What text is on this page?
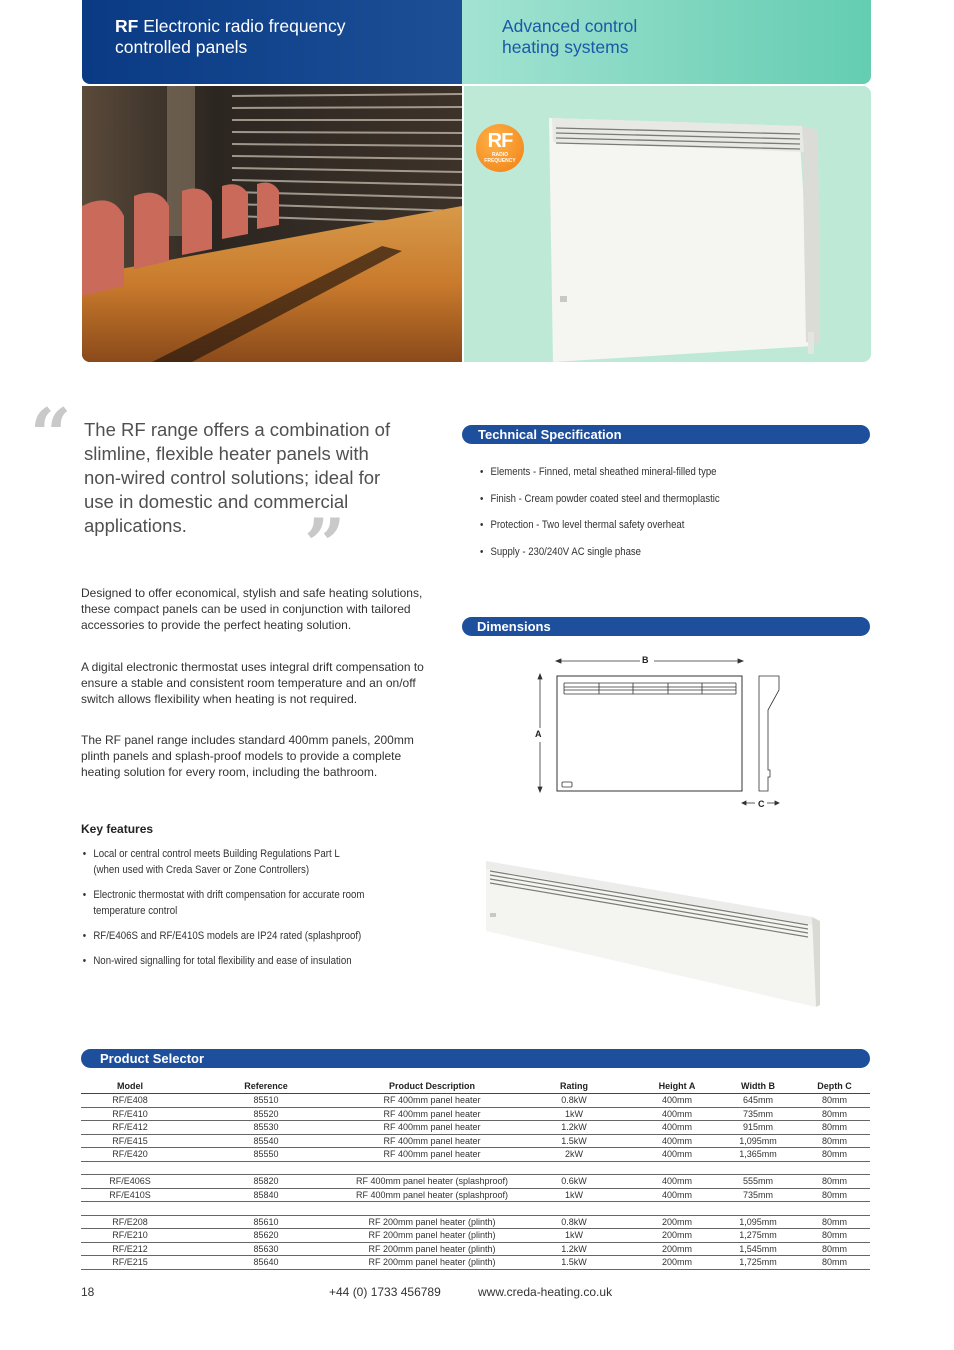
RF Electronic radio frequency
controlled panels
Advanced control
heating systems
RF
RADIO
FREQUENCY
“ The RF range offers a combination of slimline, flexible heater panels with non-wired control solutions; ideal for use in domestic and commercial applications.	”
Designed to offer economical, stylish and safe heating solutions, these compact panels can be used in conjunction with tailored accessories to provide the perfect heating solution.
A digital electronic thermostat uses integral drift compensation to ensure a stable and consistent room temperature and an on/off switch allows flexibility when heating is not required.
The RF panel range includes standard 400mm panels, 200mm plinth panels and splash-proof models to provide a complete heating solution for every room, including the bathroom.
Key features
• Local or central control meets Building Regulations Part L
(when used with Creda Saver or Zone Controllers)
• Electronic thermostat with drift compensation for accurate room
temperature control
• RF/E406S and RF/E410S models are IP24 rated (splashproof)
• Non-wired signalling for total flexibility and ease of insulation
Technical Specification
• Elements - Finned, metal sheathed mineral-filled type
• Finish - Cream powder coated steel and thermoplastic
• Protection - Two level thermal safety overheat
• Supply - 230/240V AC single phase
Dimensions
B
A
C
Product Selector
Model	Reference	Product Description	Rating	Height A	Width B	Depth C
RF/E408	85510	RF 400mm panel heater	0.8kW	400mm	645mm	80mm
RF/E410	85520	RF 400mm panel heater	1kW	400mm	735mm	80mm
RF/E412	85530	RF 400mm panel heater	1.2kW	400mm	915mm	80mm
RF/E415	85540	RF 400mm panel heater	1.5kW	400mm	1,095mm	80mm
RF/E420	85550	RF 400mm panel heater	2kW	400mm	1,365mm	80mm

RF/E406S	85820	RF 400mm panel heater (splashproof)	0.6kW	400mm	555mm	80mm
RF/E410S	85840	RF 400mm panel heater (splashproof)	1kW	400mm	735mm	80mm

RF/E208	85610	RF 200mm panel heater (plinth)	0.8kW	200mm	1,095mm	80mm
RF/E210	85620	RF 200mm panel heater (plinth)	1kW	200mm	1,275mm	80mm
RF/E212	85630	RF 200mm panel heater (plinth)	1.2kW	200mm	1,545mm	80mm
RF/E215	85640	RF 200mm panel heater (plinth)	1.5kW	200mm	1,725mm	80mm
18	+44 (0) 1733 456789	www.creda-heating.co.uk
